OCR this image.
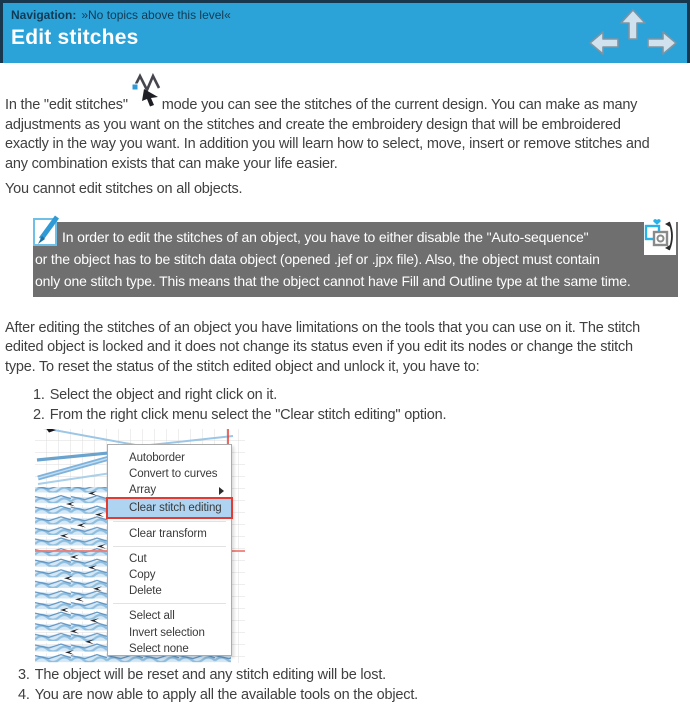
Navigation: »No topics above this level«
Edit stitches
In the "edit stitches" mode you can see the stitches of the current design. You can make as many
adjustments as you want on the stitches and create the embroidery design that will be embroidered
exactly in the way you want. In addition you will learn how to select, move, insert or remove stitches and
any combination exists that can make your life easier.
You cannot edit stitches on all objects.
In order to edit the stitches of an object, you have to either disable the "Auto-sequence"
or the object has to be stitch data object (opened .jef or .jpx file). Also, the object must contain
only one stitch type. This means that the object cannot have Fill and Outline type at the same time.
After editing the stitches of an object you have limitations on the tools that you can use on it. The stitch
edited object is locked and it does not change its status even if you edit its nodes or change the stitch
type. To reset the status of the stitch edited object and unlock it, you have to:
1. Select the object and right click on it.
2. From the right click menu select the "Clear stitch editing" option.
Autoborder
Convert to curves
Array
Clear stitch editing
Clear transform
Cut
Copy
Delete
Select all
Invert selection
Select none
3. The object will be reset and any stitch editing will be lost.
4. You are now able to apply all the available tools on the object.
